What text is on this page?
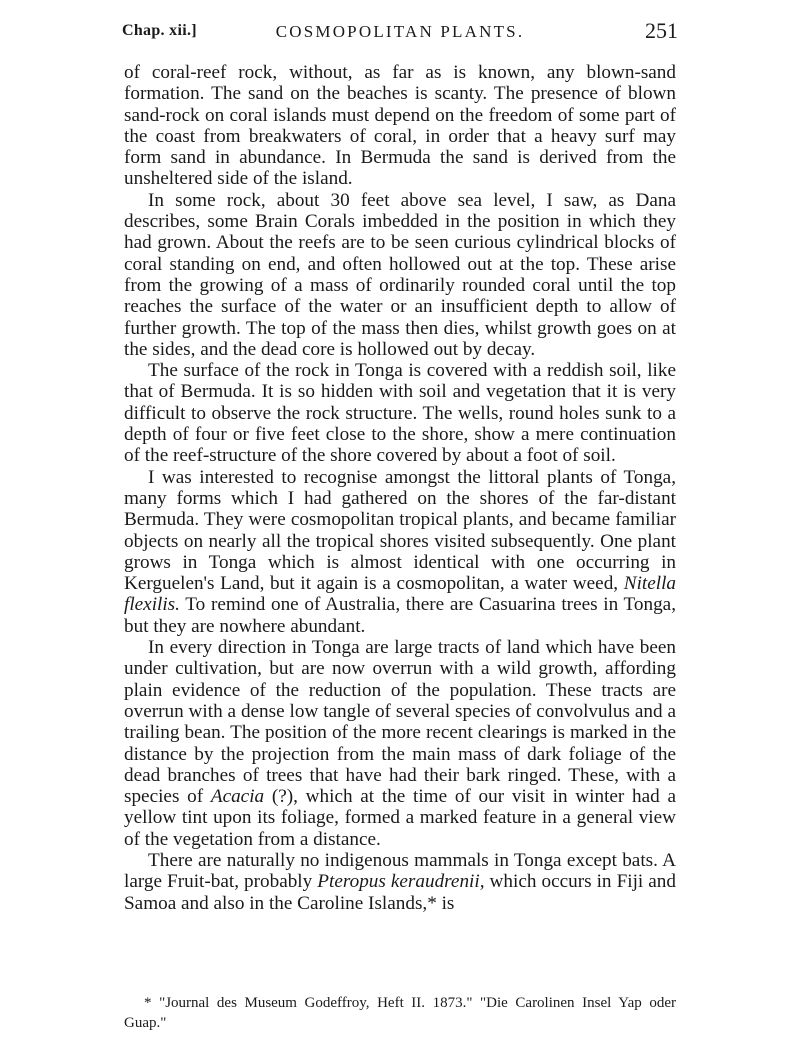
Chap. xii.]	COSMOPOLITAN PLANTS.	251

of coral-reef rock, without, as far as is known, any blown-sand formation. The sand on the beaches is scanty. The presence of blown sand-rock on coral islands must depend on the freedom of some part of the coast from breakwaters of coral, in order that a heavy surf may form sand in abundance. In Bermuda the sand is derived from the unsheltered side of the island.

In some rock, about 30 feet above sea level, I saw, as Dana describes, some Brain Corals imbedded in the position in which they had grown. About the reefs are to be seen curious cylindrical blocks of coral standing on end, and often hollowed out at the top. These arise from the growing of a mass of ordinarily rounded coral until the top reaches the surface of the water or an insufficient depth to allow of further growth. The top of the mass then dies, whilst growth goes on at the sides, and the dead core is hollowed out by decay.

The surface of the rock in Tonga is covered with a reddish soil, like that of Bermuda. It is so hidden with soil and vegetation that it is very difficult to observe the rock structure. The wells, round holes sunk to a depth of four or five feet close to the shore, show a mere continuation of the reef-structure of the shore covered by about a foot of soil.

I was interested to recognise amongst the littoral plants of Tonga, many forms which I had gathered on the shores of the far-distant Bermuda. They were cosmopolitan tropical plants, and became familiar objects on nearly all the tropical shores visited subsequently. One plant grows in Tonga which is almost identical with one occurring in Kerguelen's Land, but it again is a cosmopolitan, a water weed, Nitella flexilis. To remind one of Australia, there are Casuarina trees in Tonga, but they are nowhere abundant.

In every direction in Tonga are large tracts of land which have been under cultivation, but are now overrun with a wild growth, affording plain evidence of the reduction of the population. These tracts are overrun with a dense low tangle of several species of convolvulus and a trailing bean. The position of the more recent clearings is marked in the distance by the projection from the main mass of dark foliage of the dead branches of trees that have had their bark ringed. These, with a species of Acacia (?), which at the time of our visit in winter had a yellow tint upon its foliage, formed a marked feature in a general view of the vegetation from a distance.

There are naturally no indigenous mammals in Tonga except bats. A large Fruit-bat, probably Pteropus keraudrenii, which occurs in Fiji and Samoa and also in the Caroline Islands,* is

* "Journal des Museum Godeffroy, Heft II. 1873." "Die Carolinen Insel Yap oder Guap."
